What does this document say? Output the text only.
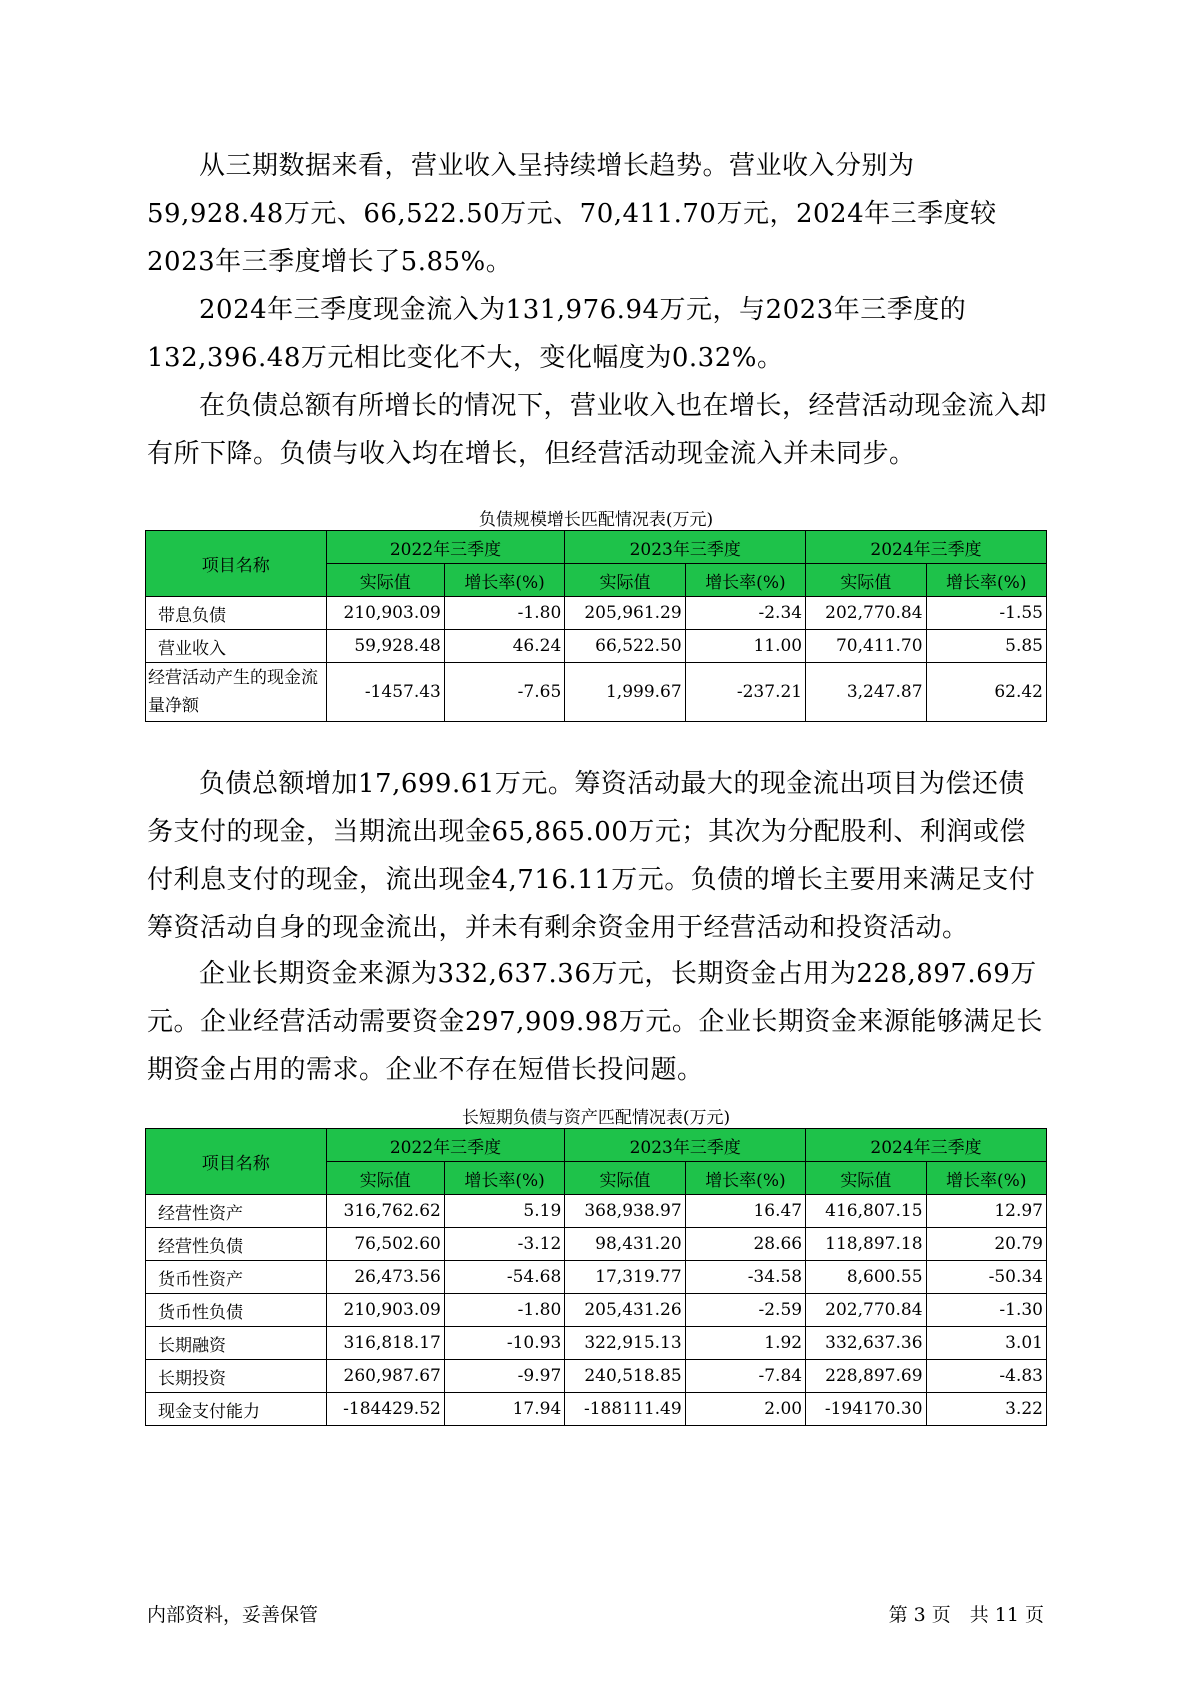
从三期数据来看，营业收入呈持续增长趋势。营业收入分别为59,928.48万元、66,522.50万元、70,411.70万元，2024年三季度较2023年三季度增长了5.85%。

2024年三季度现金流入为131,976.94万元，与2023年三季度的132,396.48万元相比变化不大，变化幅度为0.32%。

在负债总额有所增长的情况下，营业收入也在增长，经营活动现金流入却有所下降。负债与收入均在增长，但经营活动现金流入并未同步。

负债规模增长匹配情况表(万元)

项目名称	2022年三季度		2023年三季度		2024年三季度	
	实际值	增长率(%)	实际值	增长率(%)	实际值	增长率(%)
带息负债	210,903.09	-1.80	205,961.29	-2.34	202,770.84	-1.55
营业收入	59,928.48	46.24	66,522.50	11.00	70,411.70	5.85
经营活动产生的现金流量净额	-1457.43	-7.65	1,999.67	-237.21	3,247.87	62.42

负债总额增加17,699.61万元。筹资活动最大的现金流出项目为偿还债务支付的现金，当期流出现金65,865.00万元；其次为分配股利、利润或偿付利息支付的现金，流出现金4,716.11万元。负债的增长主要用来满足支付筹资活动自身的现金流出，并未有剩余资金用于经营活动和投资活动。

企业长期资金来源为332,637.36万元，长期资金占用为228,897.69万元。企业经营活动需要资金297,909.98万元。企业长期资金来源能够满足长期资金占用的需求。企业不存在短借长投问题。

长短期负债与资产匹配情况表(万元)

项目名称	2022年三季度		2023年三季度		2024年三季度	
	实际值	增长率(%)	实际值	增长率(%)	实际值	增长率(%)
经营性资产	316,762.62	5.19	368,938.97	16.47	416,807.15	12.97
经营性负债	76,502.60	-3.12	98,431.20	28.66	118,897.18	20.79
货币性资产	26,473.56	-54.68	17,319.77	-34.58	8,600.55	-50.34
货币性负债	210,903.09	-1.80	205,431.26	-2.59	202,770.84	-1.30
长期融资	316,818.17	-10.93	322,915.13	1.92	332,637.36	3.01
长期投资	260,987.67	-9.97	240,518.85	-7.84	228,897.69	-4.83
现金支付能力	-184429.52	17.94	-188111.49	2.00	-194170.30	3.22
内部资料，妥善保管	第 3 页　共 11 页
